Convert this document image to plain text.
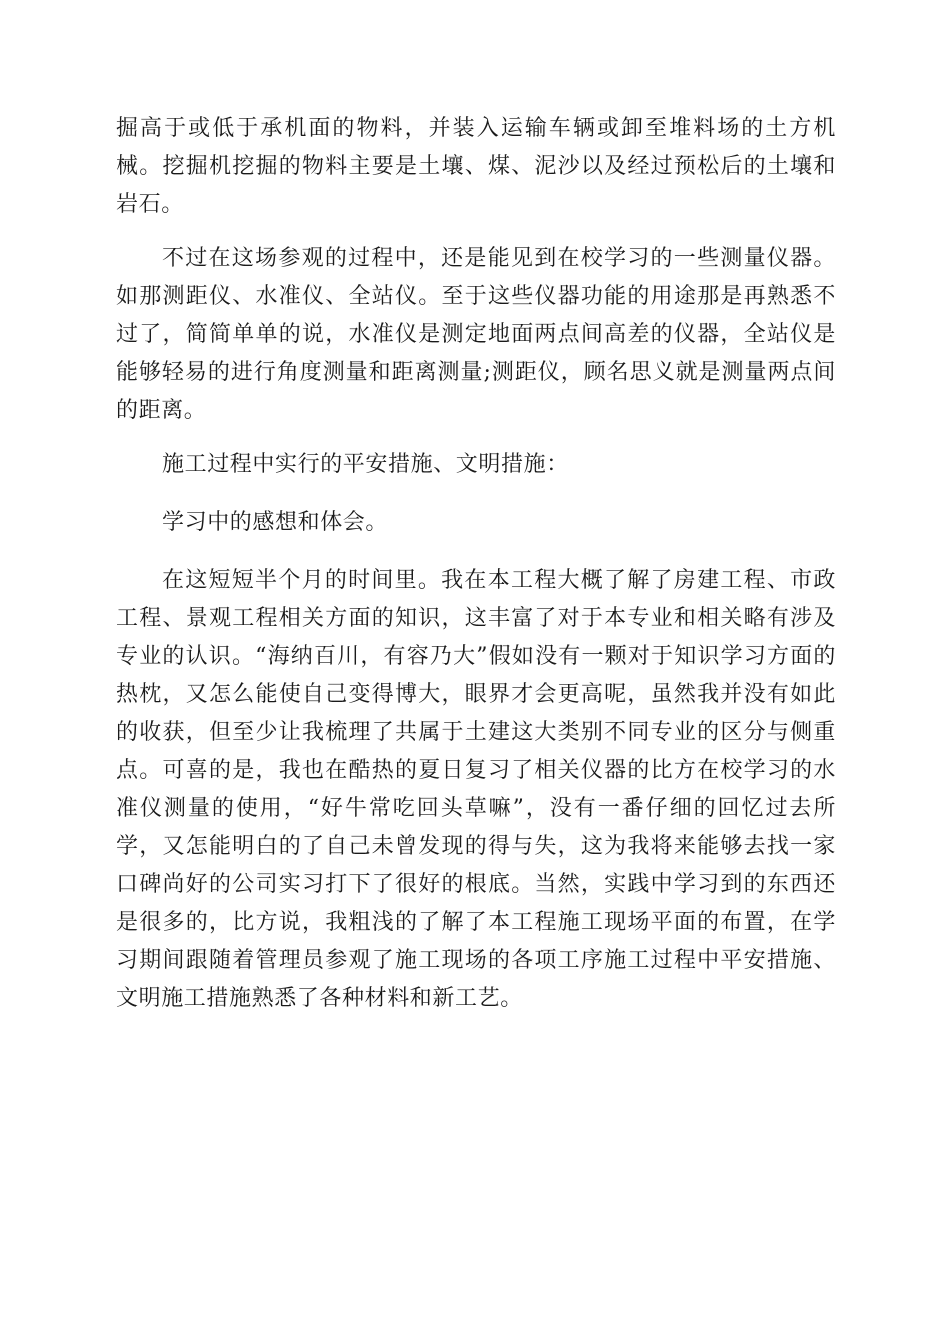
掘高于或低于承机面的物料，并装入运输车辆或卸至堆料场的土方机械。挖掘机挖掘的物料主要是土壤、煤、泥沙以及经过预松后的土壤和岩石。

不过在这场参观的过程中，还是能见到在校学习的一些测量仪器。如那测距仪、水准仪、全站仪。至于这些仪器功能的用途那是再熟悉不过了，简简单单的说，水准仪是测定地面两点间高差的仪器，全站仪是能够轻易的进行角度测量和距离测量;测距仪，顾名思义就是测量两点间的距离。

施工过程中实行的平安措施、文明措施：

学习中的感想和体会。

在这短短半个月的时间里。我在本工程大概了解了房建工程、市政工程、景观工程相关方面的知识，这丰富了对于本专业和相关略有涉及专业的认识。“海纳百川，有容乃大”假如没有一颗对于知识学习方面的热枕，又怎么能使自己变得博大，眼界才会更高呢，虽然我并没有如此的收获，但至少让我梳理了共属于土建这大类别不同专业的区分与侧重点。可喜的是，我也在酷热的夏日复习了相关仪器的比方在校学习的水准仪测量的使用，“好牛常吃回头草嘛”，没有一番仔细的回忆过去所学，又怎能明白的了自己未曾发现的得与失，这为我将来能够去找一家口碑尚好的公司实习打下了很好的根底。当然，实践中学习到的东西还是很多的，比方说，我粗浅的了解了本工程施工现场平面的布置，在学习期间跟随着管理员参观了施工现场的各项工序施工过程中平安措施、文明施工措施熟悉了各种材料和新工艺。
